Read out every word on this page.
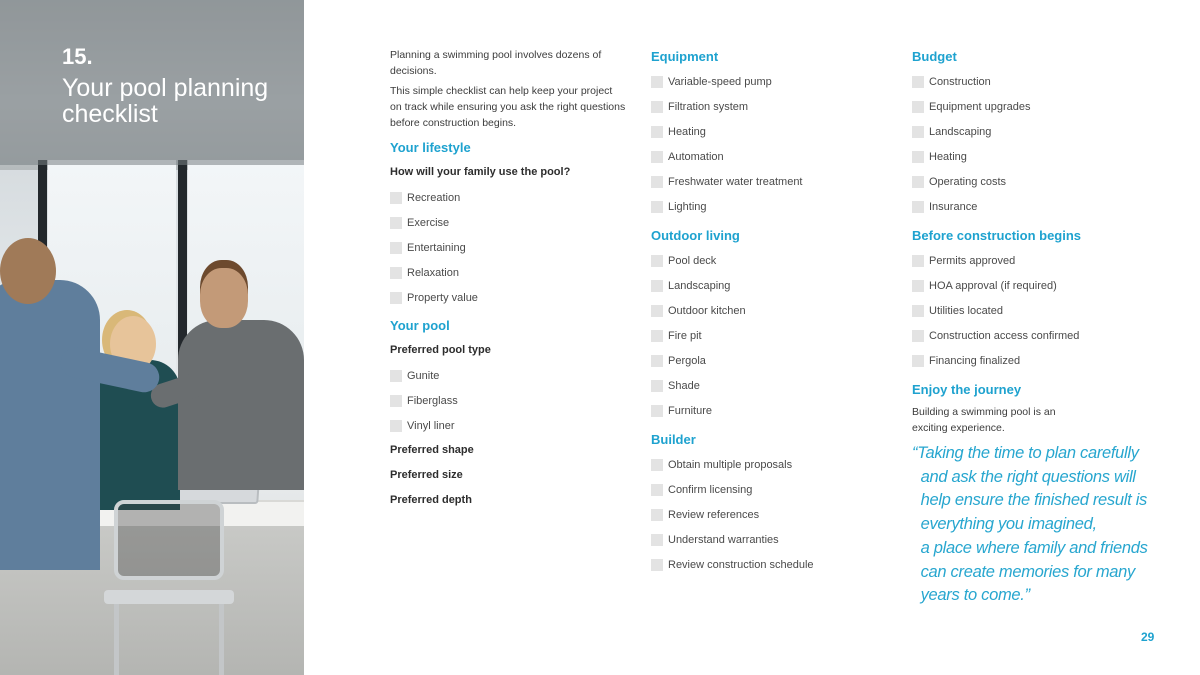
15.
Your pool planning checklist

Planning a swimming pool involves dozens of decisions.

This simple checklist can help keep your project on track while ensuring you ask the right questions before construction begins.

Your lifestyle
How will your family use the pool?
Recreation
Exercise
Entertaining
Relaxation
Property value
Your pool
Preferred pool type
Gunite
Fiberglass
Vinyl liner
Preferred shape
Preferred size
Preferred depth
Equipment
Variable-speed pump
Filtration system
Heating
Automation
Freshwater water treatment
Lighting
Outdoor living
Pool deck
Landscaping
Outdoor kitchen
Fire pit
Pergola
Shade
Furniture
Builder
Obtain multiple proposals
Confirm licensing
Review references
Understand warranties
Review construction schedule
Budget
Construction
Equipment upgrades
Landscaping
Heating
Operating costs
Insurance
Before construction begins
Permits approved
HOA approval (if required)
Utilities located
Construction access confirmed
Financing finalized
Enjoy the journey

Building a swimming pool is an exciting experience.

“Taking the time to plan carefully
and ask the right questions will
help ensure the finished result is
everything you imagined,
a place where family and friends
can create memories for many
years to come.”
29
